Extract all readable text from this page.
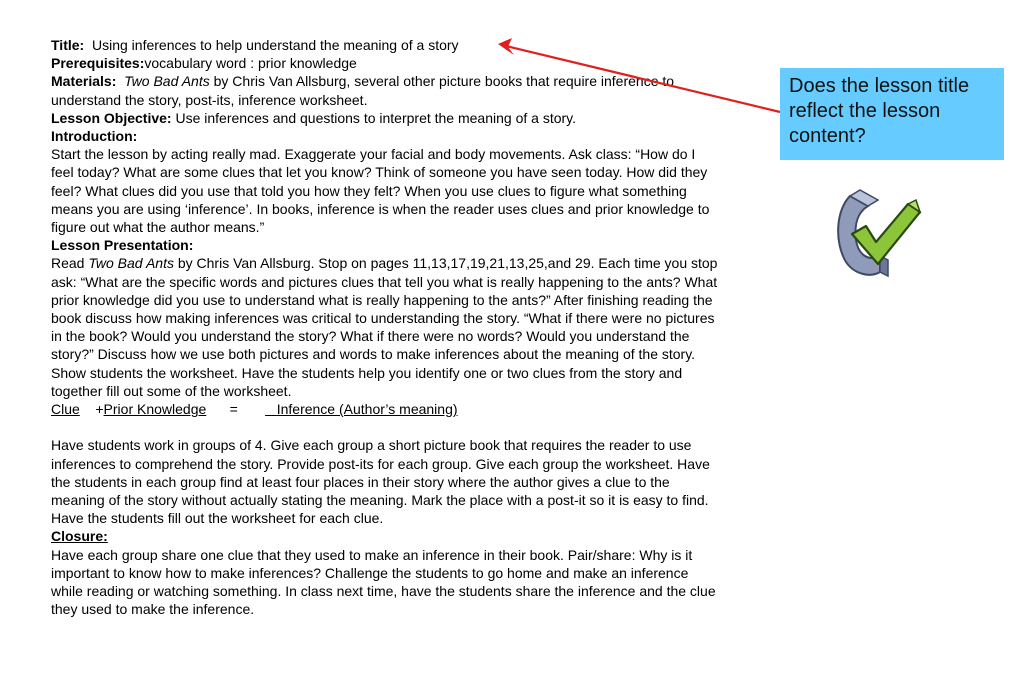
Title: Using inferences to help understand the meaning of a story

Prerequisites:vocabulary word : prior knowledge

Materials: Two Bad Ants by Chris Van Allsburg, several other picture books that require inference to understand the story, post-its, inference worksheet.

Lesson Objective: Use inferences and questions to interpret the meaning of a story.

Introduction:

Start the lesson by acting really mad. Exaggerate your facial and body movements. Ask class: “How do I feel today? What are some clues that let you know? Think of someone you have seen today. How did they feel? What clues did you use that told you how they felt? When you use clues to figure what something means you are using ‘inference’. In books, inference is when the reader uses clues and prior knowledge to figure out what the author means.”

Lesson Presentation:

Read Two Bad Ants by Chris Van Allsburg. Stop on pages 11,13,17,19,21,13,25,and 29. Each time you stop ask: “What are the specific words and pictures clues that tell you what is really happening to the ants? What prior knowledge did you use to understand what is really happening to the ants?” After finishing reading the book discuss how making inferences was critical to understanding the story. “What if there were no pictures in the book? Would you understand the story? What if there were no words? Would you understand the story?” Discuss how we use both pictures and words to make inferences about the meaning of the story. Show students the worksheet. Have the students help you identify one or two clues from the story and together fill out some of the worksheet.

Clue +Prior Knowledge =	Inference (Author’s meaning)

Have students work in groups of 4. Give each group a short picture book that requires the reader to use inferences to comprehend the story. Provide post-its for each group. Give each group the worksheet. Have the students in each group find at least four places in their story where the author gives a clue to the meaning of the story without actually stating the meaning. Mark the place with a post-it so it is easy to find. Have the students fill out the worksheet for each clue.

Closure:

Have each group share one clue that they used to make an inference in their book. Pair/share: Why is it important to know how to make inferences? Challenge the students to go home and make an inference while reading or watching something. In class next time, have the students share the inference and the clue they used to make the inference.

Does the lesson title reflect the lesson content?
